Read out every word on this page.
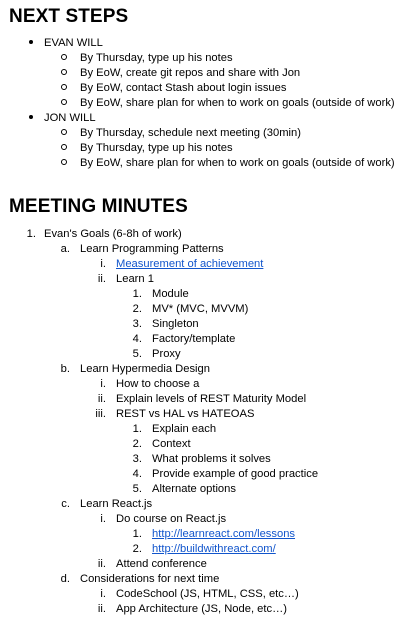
NEXT STEPS
EVAN WILL
By Thursday, type up his notes
By EoW, create git repos and share with Jon
By EoW, contact Stash about login issues
By EoW, share plan for when to work on goals (outside of work)
JON WILL
By Thursday, schedule next meeting (30min)
By Thursday, type up his notes
By EoW, share plan for when to work on goals (outside of work)
MEETING MINUTES
1. Evan's Goals (6-8h of work)
a. Learn Programming Patterns
i. Measurement of achievement
ii. Learn 1
1. Module
2. MV* (MVC, MVVM)
3. Singleton
4. Factory/template
5. Proxy
b. Learn Hypermedia Design
i. How to choose a
ii. Explain levels of REST Maturity Model
iii. REST vs HAL vs HATEOAS
1. Explain each
2. Context
3. What problems it solves
4. Provide example of good practice
5. Alternate options
c. Learn React.js
i. Do course on React.js
1. http://learnreact.com/lessons
2. http://buildwithreact.com/
ii. Attend conference
d. Considerations for next time
i. CodeSchool (JS, HTML, CSS, etc…)
ii. App Architecture (JS, Node, etc…)
